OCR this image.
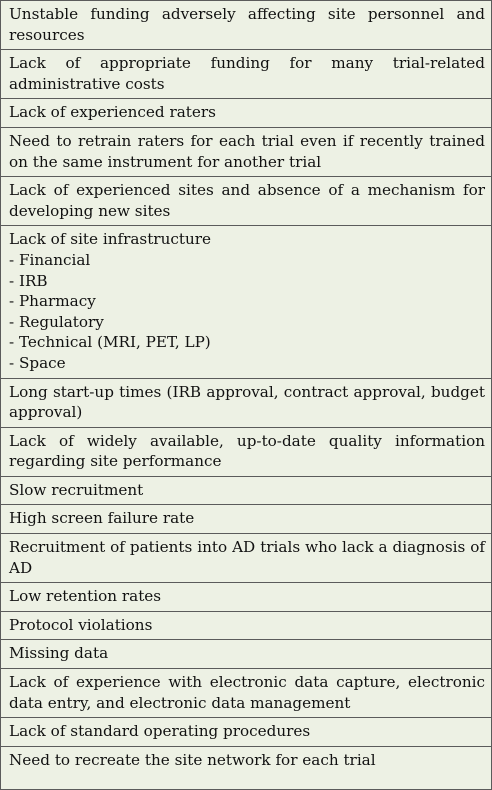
Unstable funding adversely affecting site personnel and resources
Lack of appropriate funding for many trial-related administrative costs
Lack of experienced raters
Need to retrain raters for each trial even if recently trained on the same instrument for another trial
Lack of experienced sites and absence of a mechanism for developing new sites
Lack of site infrastructure
- Financial
- IRB
- Pharmacy
- Regulatory
- Technical (MRI, PET, LP)
- Space
Long start-up times (IRB approval, contract approval, budget approval)
Lack of widely available, up-to-date quality information regarding site performance
Slow recruitment
High screen failure rate
Recruitment of patients into AD trials who lack a diagnosis of AD
Low retention rates
Protocol violations
Missing data
Lack of experience with electronic data capture, electronic data entry, and electronic data management
Lack of standard operating procedures
Need to recreate the site network for each trial
